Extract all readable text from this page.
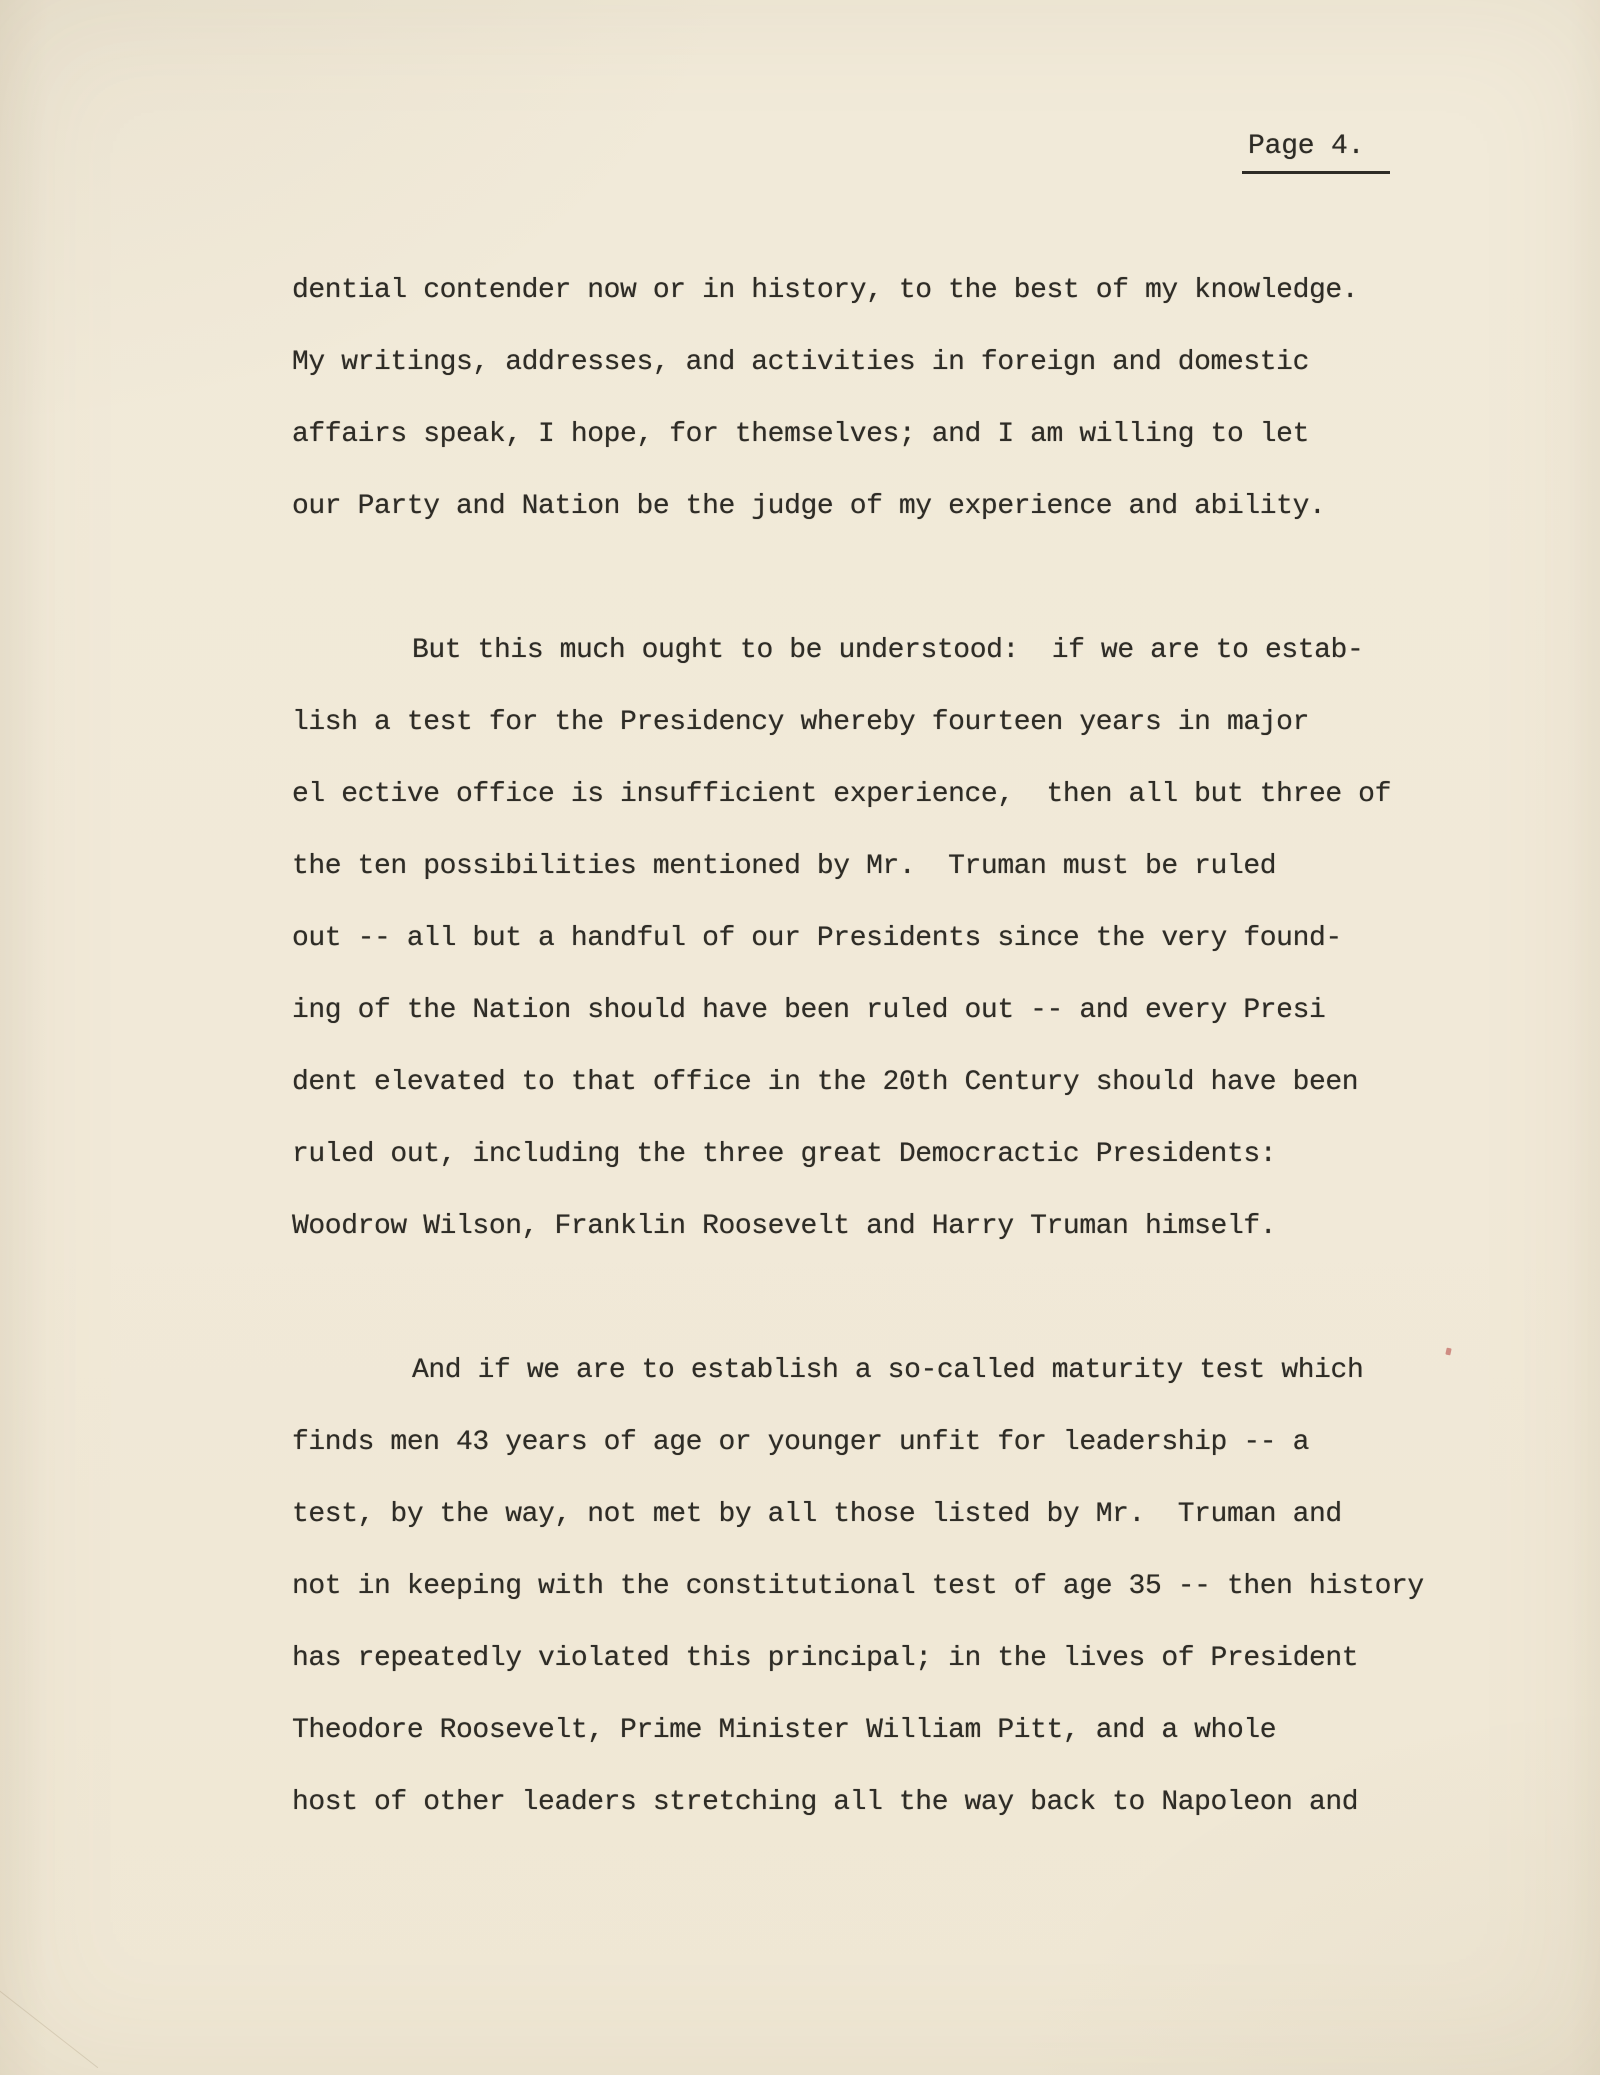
Page 4.
dential contender now or in history, to the best of my knowledge.
My writings, addresses, and activities in foreign and domestic
affairs speak, I hope, for themselves; and I am willing to let
our Party and Nation be the judge of my experience and ability.
But this much ought to be understood:  if we are to estab-
lish a test for the Presidency whereby fourteen years in major
el ective office is insufficient experience,  then all but three of
the ten possibilities mentioned by Mr.  Truman must be ruled
out -- all but a handful of our Presidents since the very found-
ing of the Nation should have been ruled out -- and every Presi
dent elevated to that office in the 20th Century should have been
ruled out, including the three great Democractic Presidents:
Woodrow Wilson, Franklin Roosevelt and Harry Truman himself.
And if we are to establish a so-called maturity test which
finds men 43 years of age or younger unfit for leadership -- a
test, by the way, not met by all those listed by Mr.  Truman and
not in keeping with the constitutional test of age 35 -- then history
has repeatedly violated this principal; in the lives of President
Theodore Roosevelt, Prime Minister William Pitt, and a whole
host of other leaders stretching all the way back to Napoleon and
